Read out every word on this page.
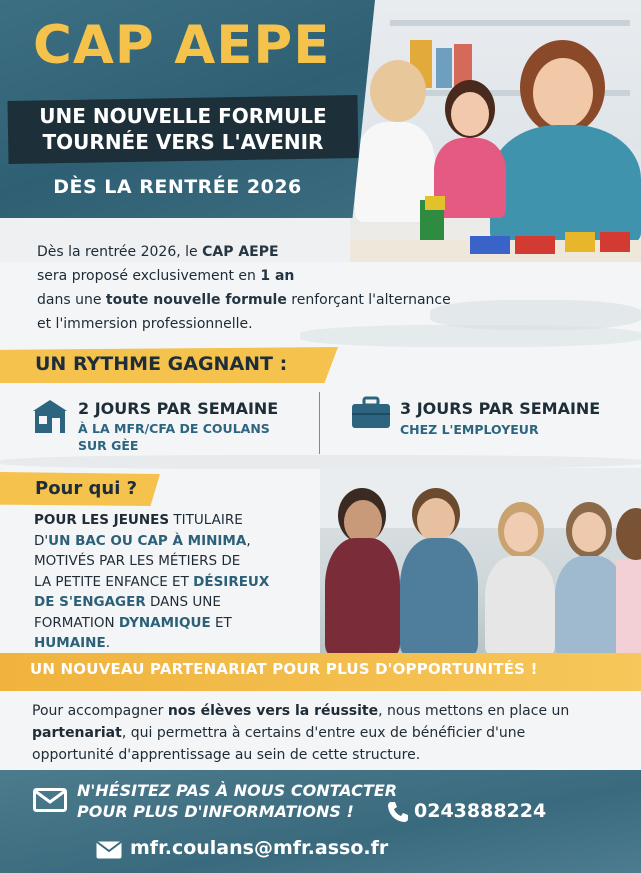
CAP AEPE
UNE NOUVELLE FORMULE
TOURNÉE VERS L'AVENIR
DÈS LA RENTRÉE 2026
Dès la rentrée 2026, le CAP AEPE
sera proposé exclusivement en 1 an
dans une toute nouvelle formule renforçant l'alternance
et l'immersion professionnelle.
UN RYTHME GAGNANT :
2 JOURS PAR SEMAINE
À LA MFR/CFA DE COULANS
SUR GÈE
3 JOURS PAR SEMAINE
CHEZ L'EMPLOYEUR
Pour qui ?
POUR LES JEUNES TITULAIRE
D'UN BAC OU CAP À MINIMA,
MOTIVÉS PAR LES MÉTIERS DE
LA PETITE ENFANCE ET DÉSIREUX
DE S'ENGAGER DANS UNE
FORMATION DYNAMIQUE ET
HUMAINE.
UN NOUVEAU PARTENARIAT POUR PLUS D'OPPORTUNITÉS !
Pour accompagner nos élèves vers la réussite, nous mettons en place un
partenariat, qui permettra à certains d'entre eux de bénéficier d'une
opportunité d'apprentissage au sein de cette structure.
N'HÉSITEZ PAS À NOUS CONTACTER
POUR PLUS D'INFORMATIONS !	0243888224
mfr.coulans@mfr.asso.fr
